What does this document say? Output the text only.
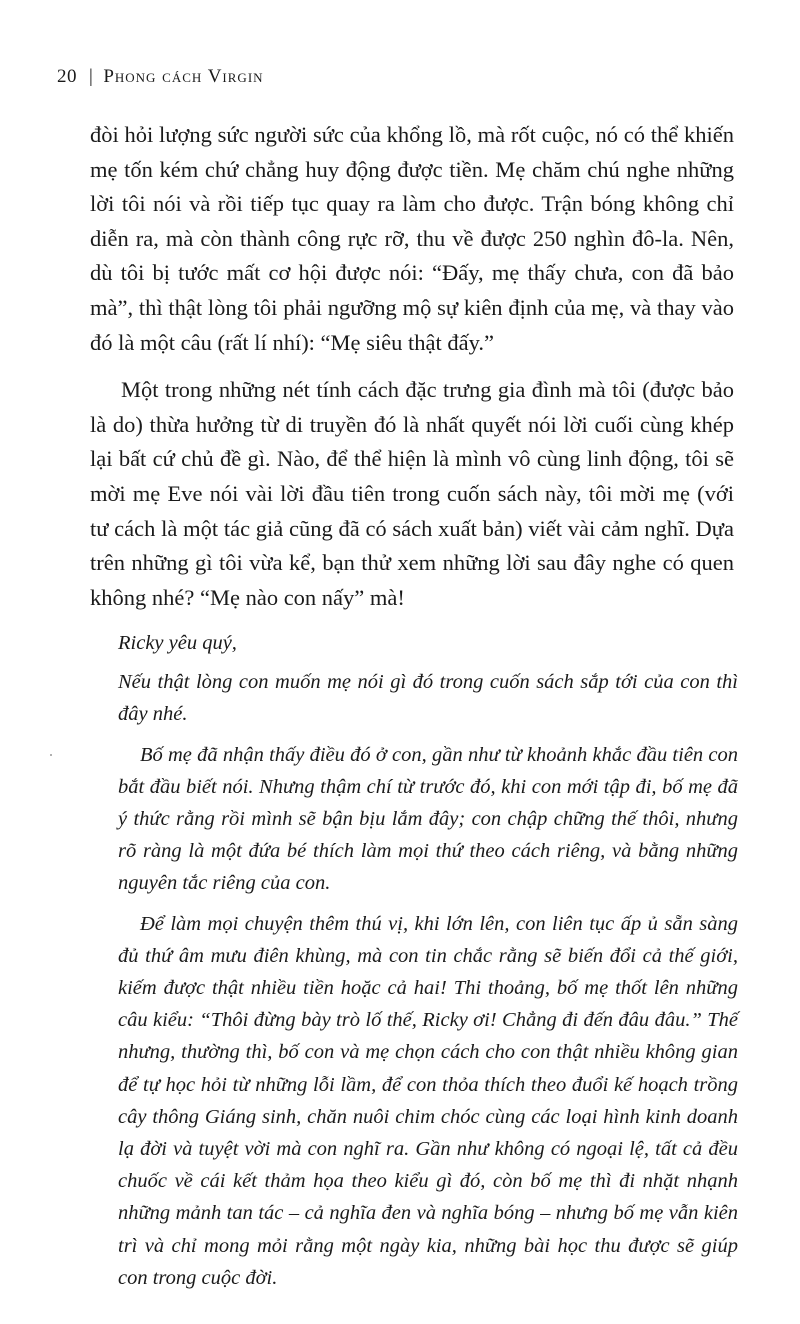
20 | Phong cách Virgin

đòi hỏi lượng sức người sức của khổng lồ, mà rốt cuộc, nó có thể khiến mẹ tốn kém chứ chẳng huy động được tiền. Mẹ chăm chú nghe những lời tôi nói và rồi tiếp tục quay ra làm cho được. Trận bóng không chỉ diễn ra, mà còn thành công rực rỡ, thu về được 250 nghìn đô-la. Nên, dù tôi bị tước mất cơ hội được nói: “Đấy, mẹ thấy chưa, con đã bảo mà”, thì thật lòng tôi phải ngưỡng mộ sự kiên định của mẹ, và thay vào đó là một câu (rất lí nhí): “Mẹ siêu thật đấy.”

Một trong những nét tính cách đặc trưng gia đình mà tôi (được bảo là do) thừa hưởng từ di truyền đó là nhất quyết nói lời cuối cùng khép lại bất cứ chủ đề gì. Nào, để thể hiện là mình vô cùng linh động, tôi sẽ mời mẹ Eve nói vài lời đầu tiên trong cuốn sách này, tôi mời mẹ (với tư cách là một tác giả cũng đã có sách xuất bản) viết vài cảm nghĩ. Dựa trên những gì tôi vừa kể, bạn thử xem những lời sau đây nghe có quen không nhé? “Mẹ nào con nấy” mà!

Ricky yêu quý,

Nếu thật lòng con muốn mẹ nói gì đó trong cuốn sách sắp tới của con thì đây nhé.

Bố mẹ đã nhận thấy điều đó ở con, gần như từ khoảnh khắc đầu tiên con bắt đầu biết nói. Nhưng thậm chí từ trước đó, khi con mới tập đi, bố mẹ đã ý thức rằng rồi mình sẽ bận bịu lắm đây; con chập chững thế thôi, nhưng rõ ràng là một đứa bé thích làm mọi thứ theo cách riêng, và bằng những nguyên tắc riêng của con.

Để làm mọi chuyện thêm thú vị, khi lớn lên, con liên tục ấp ủ sẵn sàng đủ thứ âm mưu điên khùng, mà con tin chắc rằng sẽ biến đổi cả thế giới, kiếm được thật nhiều tiền hoặc cả hai! Thi thoảng, bố mẹ thốt lên những câu kiểu: “Thôi đừng bày trò lố thế, Ricky ơi! Chẳng đi đến đâu đâu.” Thế nhưng, thường thì, bố con và mẹ chọn cách cho con thật nhiều không gian để tự học hỏi từ những lỗi lầm, để con thỏa thích theo đuổi kế hoạch trồng cây thông Giáng sinh, chăn nuôi chim chóc cùng các loại hình kinh doanh lạ đời và tuyệt vời mà con nghĩ ra. Gần như không có ngoại lệ, tất cả đều chuốc về cái kết thảm họa theo kiểu gì đó, còn bố mẹ thì đi nhặt nhạnh những mảnh tan tác – cả nghĩa đen và nghĩa bóng – nhưng bố mẹ vẫn kiên trì và chỉ mong mỏi rằng một ngày kia, những bài học thu được sẽ giúp con trong cuộc đời.
